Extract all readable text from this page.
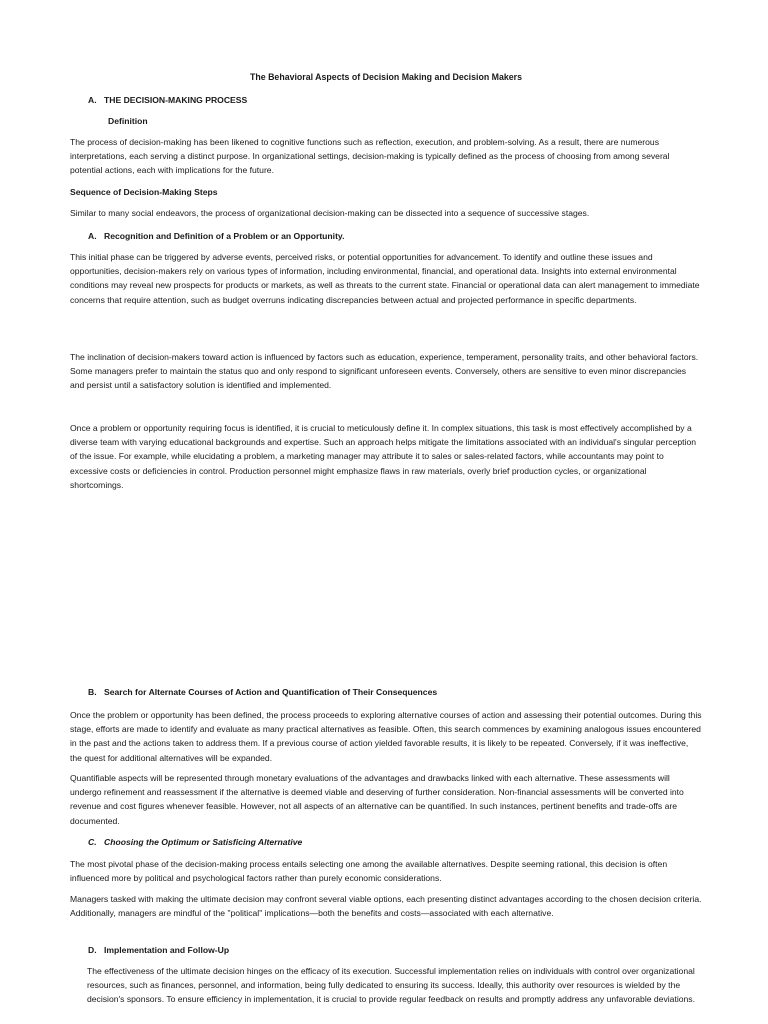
The Behavioral Aspects of Decision Making and Decision Makers
A. THE DECISION-MAKING PROCESS
Definition

The process of decision-making has been likened to cognitive functions such as reflection, execution, and problem-solving. As a result, there are numerous interpretations, each serving a distinct purpose. In organizational settings, decision-making is typically defined as the process of choosing from among several potential actions, each with implications for the future.

Sequence of Decision-Making Steps

Similar to many social endeavors, the process of organizational decision-making can be dissected into a sequence of successive stages.

A. Recognition and Definition of a Problem or an Opportunity.

This initial phase can be triggered by adverse events, perceived risks, or potential opportunities for advancement. To identify and outline these issues and opportunities, decision-makers rely on various types of information, including environmental, financial, and operational data. Insights into external environmental conditions may reveal new prospects for products or markets, as well as threats to the current state. Financial or operational data can alert management to immediate concerns that require attention, such as budget overruns indicating discrepancies between actual and projected performance in specific departments.

The inclination of decision-makers toward action is influenced by factors such as education, experience, temperament, personality traits, and other behavioral factors. Some managers prefer to maintain the status quo and only respond to significant unforeseen events. Conversely, others are sensitive to even minor discrepancies and persist until a satisfactory solution is identified and implemented.

Once a problem or opportunity requiring focus is identified, it is crucial to meticulously define it. In complex situations, this task is most effectively accomplished by a diverse team with varying educational backgrounds and expertise. Such an approach helps mitigate the limitations associated with an individual's singular perception of the issue. For example, while elucidating a problem, a marketing manager may attribute it to sales or sales-related factors, while accountants may point to excessive costs or deficiencies in control. Production personnel might emphasize flaws in raw materials, overly brief production cycles, or organizational shortcomings.

B. Search for Alternate Courses of Action and Quantification of Their Consequences

Once the problem or opportunity has been defined, the process proceeds to exploring alternative courses of action and assessing their potential outcomes. During this stage, efforts are made to identify and evaluate as many practical alternatives as feasible. Often, this search commences by examining analogous issues encountered in the past and the actions taken to address them. If a previous course of action yielded favorable results, it is likely to be repeated. Conversely, if it was ineffective, the quest for additional alternatives will be expanded.

Quantifiable aspects will be represented through monetary evaluations of the advantages and drawbacks linked with each alternative. These assessments will undergo refinement and reassessment if the alternative is deemed viable and deserving of further consideration. Non-financial assessments will be converted into revenue and cost figures whenever feasible. However, not all aspects of an alternative can be quantified. In such instances, pertinent benefits and trade-offs are documented.

C. Choosing the Optimum or Satisficing Alternative

The most pivotal phase of the decision-making process entails selecting one among the available alternatives. Despite seeming rational, this decision is often influenced more by political and psychological factors rather than purely economic considerations.

Managers tasked with making the ultimate decision may confront several viable options, each presenting distinct advantages according to the chosen decision criteria. Additionally, managers are mindful of the "political" implications—both the benefits and costs—associated with each alternative.

D. Implementation and Follow-Up

The effectiveness of the ultimate decision hinges on the efficacy of its execution. Successful implementation relies on individuals with control over organizational resources, such as finances, personnel, and information, being fully dedicated to ensuring its success. Ideally, this authority over resources is wielded by the decision's sponsors. To ensure efficiency in implementation, it is crucial to provide regular feedback on results and promptly address any unfavorable deviations.
